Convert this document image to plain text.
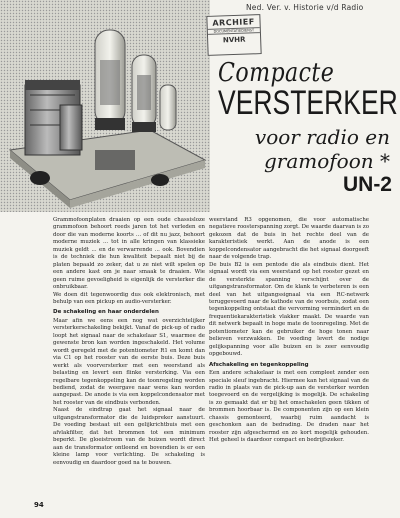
Ned. Ver. v. Historie v/d Radio
ARCHIEF
DOCUMENTATIEDIENST
NVHR
Compacte
VERSTERKER
voor radio en
gramofoon *
UN-2

Grammofoonplaten draaien op een oude chassisloze grammofoon behoort reeds jaren tot het verleden en door die van moderne koorts ... of dit nu jazz, behoort moderne muziek ... tot in alle kringen van klassieke muziek geldt ... en de verwarrende ... ook. Bovendien is de techniek die hun kwaliteit bepaalt niet bij de platen bepaald zo zeker, dat u ze niet wilt spelen op een andere kast om je naar smaak te draaien. Wie geen ruime gevoeligheid is eigenlijk de versterker die onbruikbaar.

We doen dit tegenwoordig dus ook elektronisch, met behulp van een pickup en audio-versterker.

De schakeling en haar onderdelen

Maar afin we eens een nog wat overzichtelijker versterkerschakeling bekijkt. Vanaf de pick-up of radio loopt het signaal naar de schakelaar S1, waarmee de gewenste bron kan worden ingeschakeld. Het volume wordt geregeld met de potentiometer R1 en komt dan via C1 op het rooster van de eerste buis. Deze buis werkt als voorversterker met een weerstand als belasting en levert een flinke versterking. Via een regelbare tegenkoppeling kan de toonregeling worden bediend, zodat de weergave naar wens kan worden aangepast. De anode is via een koppelcondensator met het rooster van de eindbuis verbonden.

Naast de eindtrap gaat het signaal naar de uitgangstransformator die de luidspreker aanstuurt. De voeding bestaat uit een gelijkrichtbuis met een afvlakfilter, dat het brommen tot een minimum beperkt. De gloeistroom van de buizen wordt direct aan de transformator ontleend en bovendien is er een kleine lamp voor verlichting. De schakeling is eenvoudig en daardoor goed na te bouwen.

weerstand R3 opgenomen, die voor automatische negatieve roosterspanning zorgt. De waarde daarvan is zo gekozen dat de buis in het rechte deel van de karakteristiek werkt. Aan de anode is een koppelcondensator aangebracht die het signaal doorgeeft naar de volgende trap.

De buis B2 is een pentode die als eindbuis dient. Het signaal wordt via een weerstand op het rooster gezet en de versterkte spanning verschijnt over de uitgangstransformator. Om de klank te verbeteren is een deel van het uitgangssignaal via een RC-netwerk teruggevoerd naar de kathode van de voorbuis, zodat een tegenkoppeling ontstaat die vervorming vermindert en de frequentiekarakteristiek vlakker maakt. De waarde van dit netwerk bepaalt in hoge mate de toonregeling. Met de potentiometer kan de gebruiker de hoge tonen naar believen verzwakken. De voeding levert de nodige gelijkspanning voor alle buizen en is zeer eenvoudig opgebouwd.

Afschakeling en tegenkoppeling

Een andere schakelaar is met een compleet zender een speciale sleuf ingebracht. Hiermee kan het signaal van de radio in plaats van de pick-up aan de versterker worden toegevoerd en de vergelijking is mogelijk. De schakeling is zo gemaakt dat er bij het omschakelen geen tikken of brommen hoorbaar is. De componenten zijn op een klein chassis gemonteerd, waarbij ruim aandacht is geschonken aan de bedrading. De draden naar het rooster zijn afgeschermd en zo kort mogelijk gehouden. Het geheel is daardoor compact en bedrijfszeker.

94
